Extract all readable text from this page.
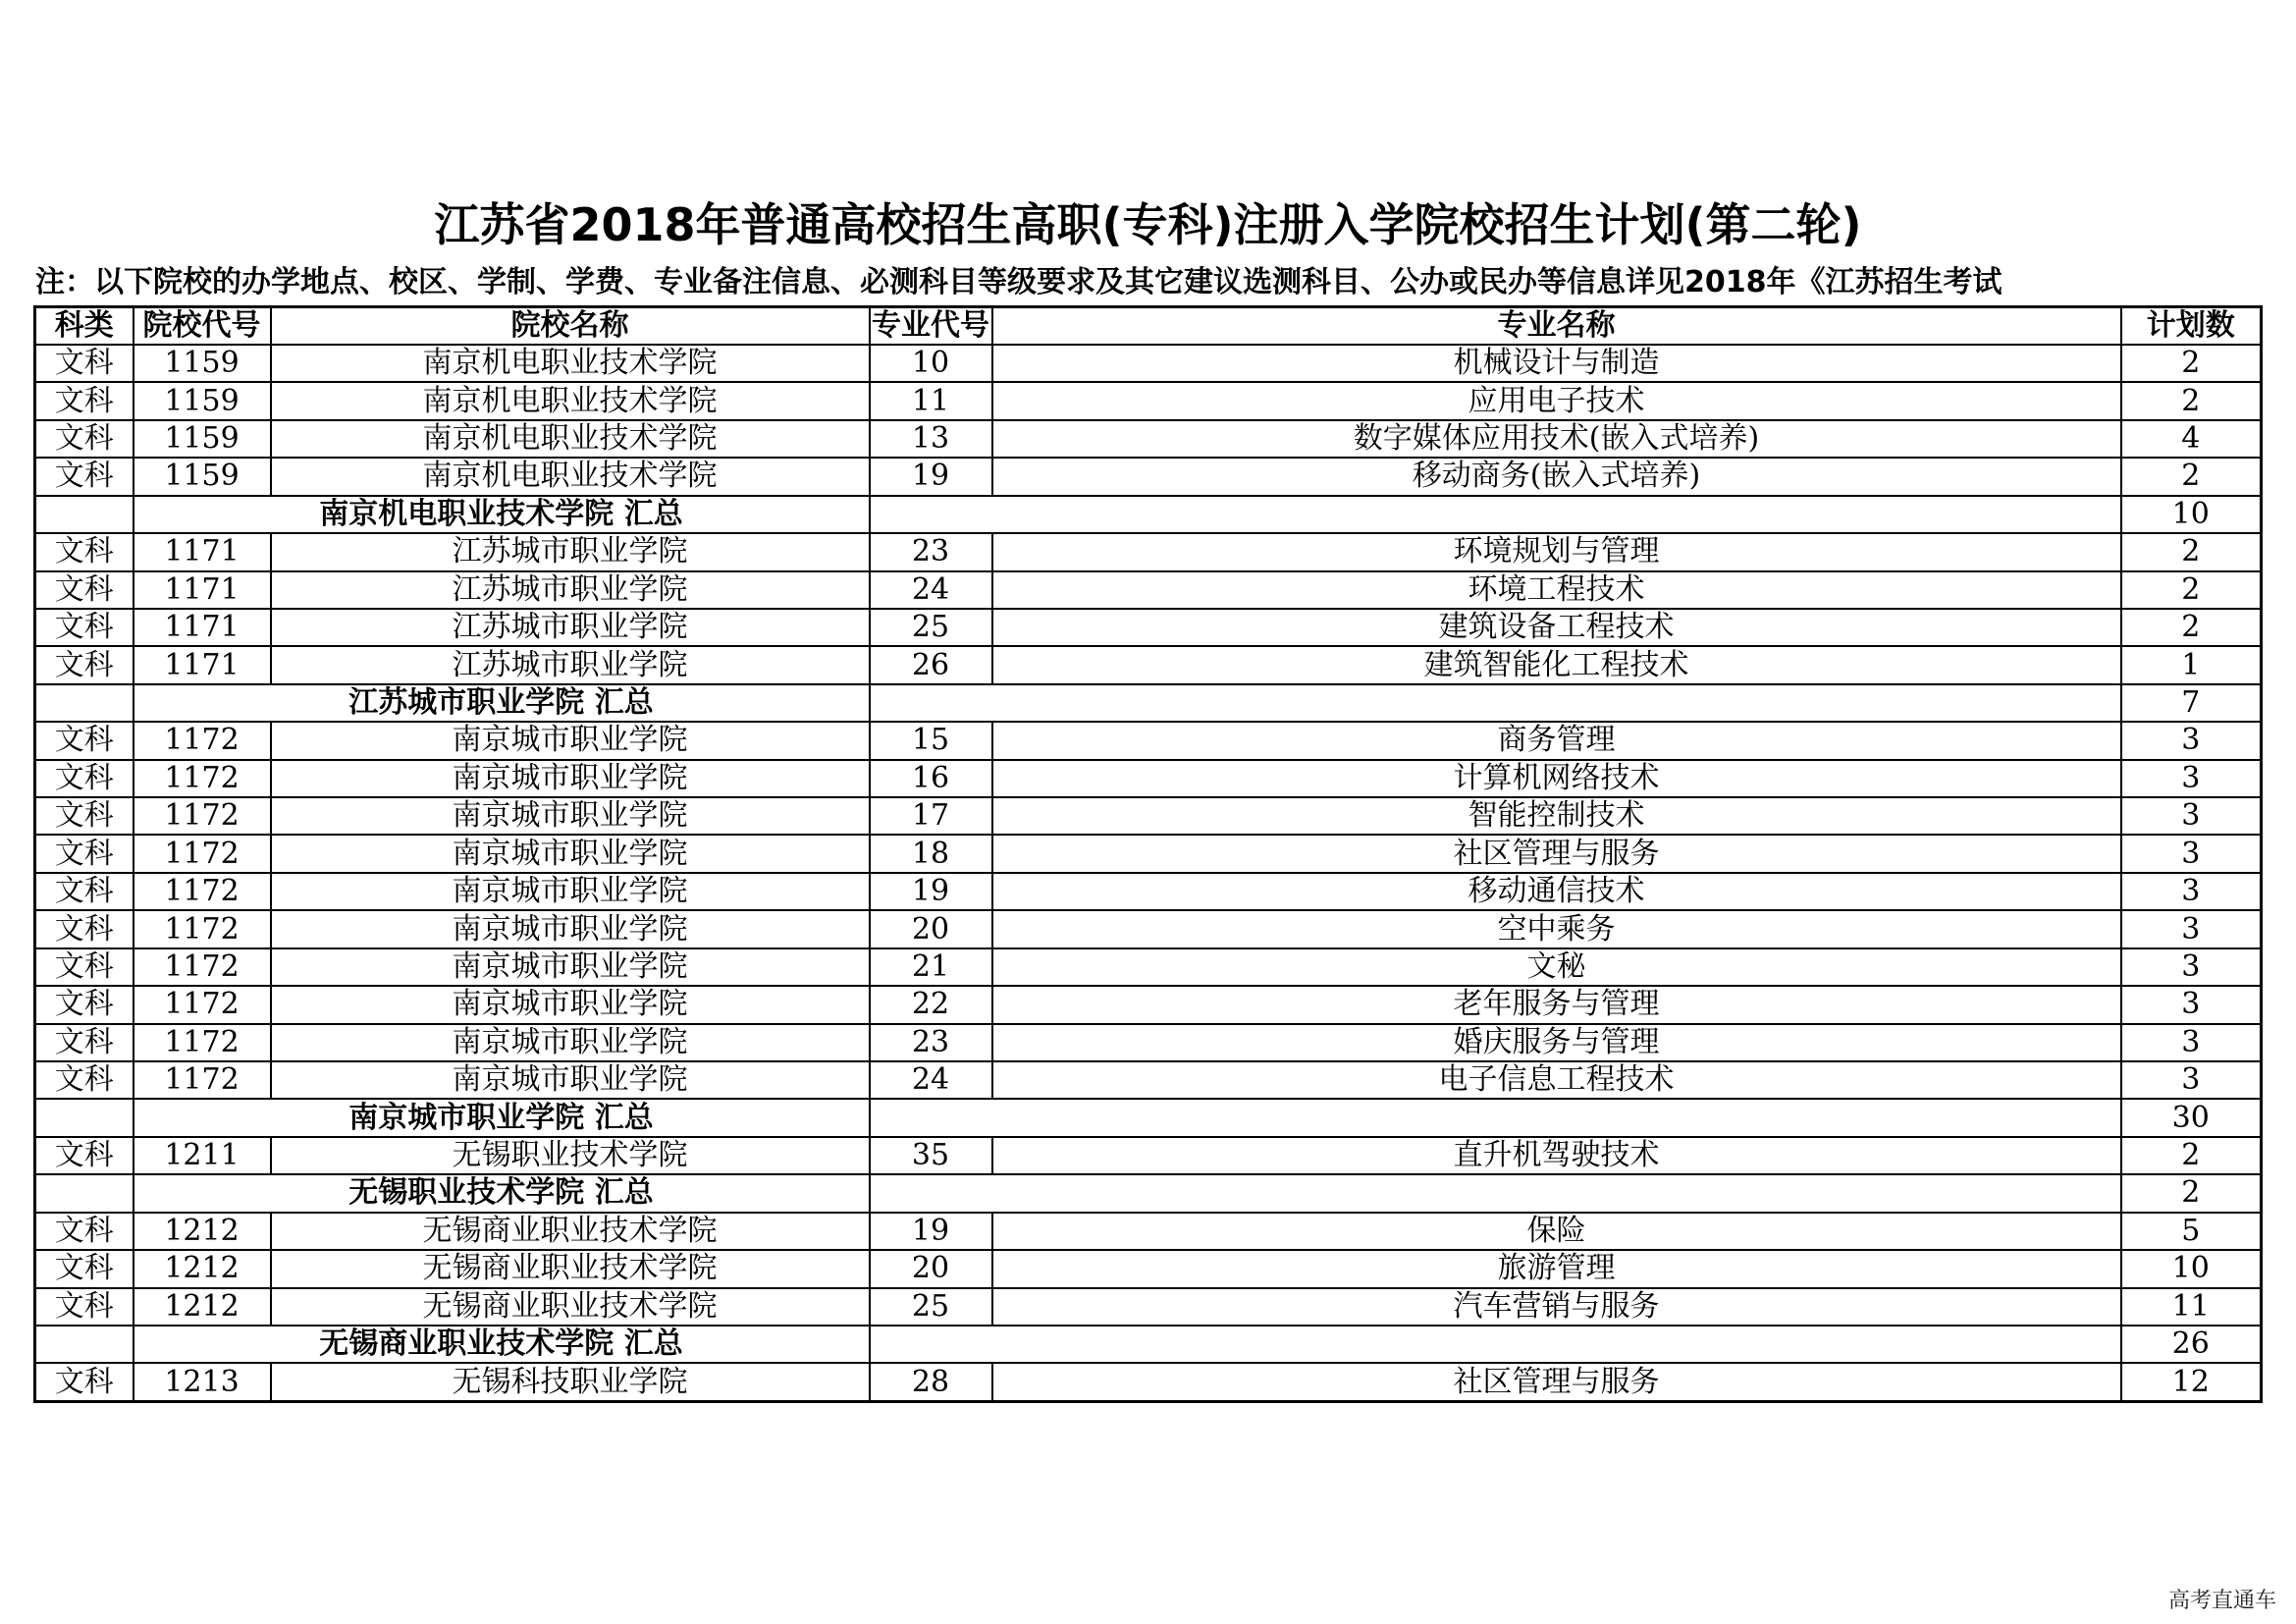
江苏省2018年普通高校招生高职(专科)注册入学院校招生计划(第二轮)
注：以下院校的办学地点、校区、学制、学费、专业备注信息、必测科目等级要求及其它建议选测科目、公办或民办等信息详见2018年《江苏招生考试
科类	院校代号	院校名称	专业代号	专业名称	计划数
文科	1159	南京机电职业技术学院	10	机械设计与制造	2
文科	1159	南京机电职业技术学院	11	应用电子技术	2
文科	1159	南京机电职业技术学院	13	数字媒体应用技术(嵌入式培养)	4
文科	1159	南京机电职业技术学院	19	移动商务(嵌入式培养)	2
	南京机电职业技术学院 汇总				10
文科	1171	江苏城市职业学院	23	环境规划与管理	2
文科	1171	江苏城市职业学院	24	环境工程技术	2
文科	1171	江苏城市职业学院	25	建筑设备工程技术	2
文科	1171	江苏城市职业学院	26	建筑智能化工程技术	1
	江苏城市职业学院 汇总				7
文科	1172	南京城市职业学院	15	商务管理	3
文科	1172	南京城市职业学院	16	计算机网络技术	3
文科	1172	南京城市职业学院	17	智能控制技术	3
文科	1172	南京城市职业学院	18	社区管理与服务	3
文科	1172	南京城市职业学院	19	移动通信技术	3
文科	1172	南京城市职业学院	20	空中乘务	3
文科	1172	南京城市职业学院	21	文秘	3
文科	1172	南京城市职业学院	22	老年服务与管理	3
文科	1172	南京城市职业学院	23	婚庆服务与管理	3
文科	1172	南京城市职业学院	24	电子信息工程技术	3
	南京城市职业学院 汇总				30
文科	1211	无锡职业技术学院	35	直升机驾驶技术	2
	无锡职业技术学院 汇总				2
文科	1212	无锡商业职业技术学院	19	保险	5
文科	1212	无锡商业职业技术学院	20	旅游管理	10
文科	1212	无锡商业职业技术学院	25	汽车营销与服务	11
	无锡商业职业技术学院 汇总				26
文科	1213	无锡科技职业学院	28	社区管理与服务	12
高考直通车
